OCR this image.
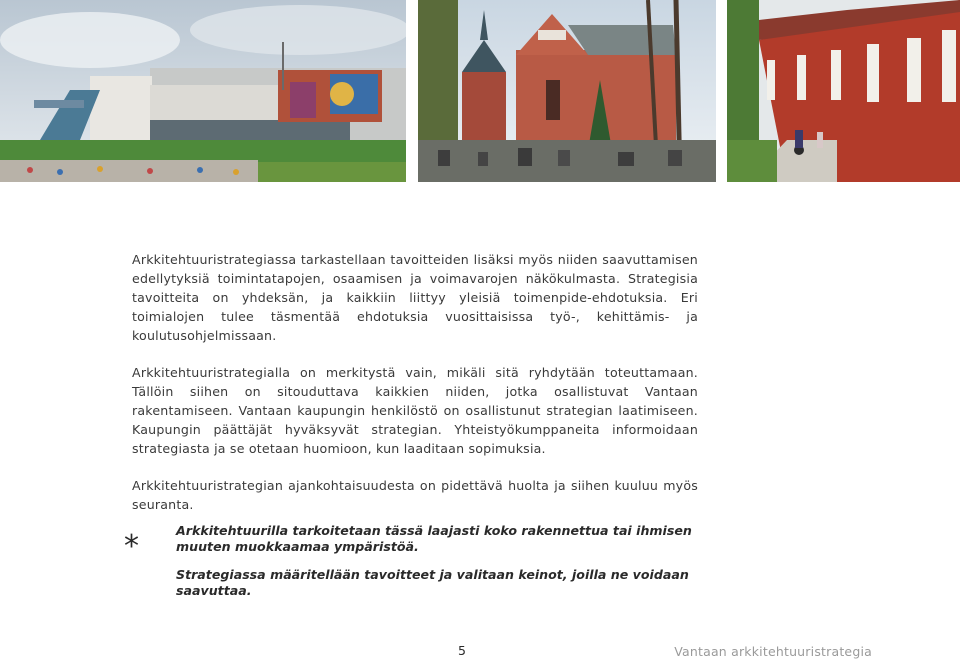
Arkkitehtuuristrategiassa tarkastellaan tavoitteiden lisäksi myös niiden saavuttamisen edellytyksiä toimintatapojen, osaamisen ja voimavarojen näkökulmasta. Strategisia tavoitteita on yhdeksän, ja kaikkiin liittyy yleisiä toimenpide-ehdotuksia. Eri toimialojen tulee täsmentää ehdotuksia vuosittaisissa työ-, kehittämis- ja koulutusohjelmissaan.

Arkkitehtuuristrategialla on merkitystä vain, mikäli sitä ryhdytään toteuttamaan. Tällöin siihen on sitouduttava kaikkien niiden, jotka osallistuvat Vantaan rakentamiseen. Vantaan kaupungin henkilöstö on osallistunut strategian laatimiseen. Kaupungin päättäjät hyväksyvät strategian. Yhteistyökumppaneita informoidaan strategiasta ja se otetaan huomioon, kun laaditaan sopimuksia.

Arkkitehtuuristrategian ajankohtaisuudesta on pidettävä huolta ja siihen kuuluu myös seuranta.

*	Arkkitehtuurilla tarkoitetaan tässä laajasti koko rakennettua tai ihmisen muuten muokkaamaa ympäristöä.

Strategiassa määritellään tavoitteet ja valitaan keinot, joilla ne voidaan saavuttaa.

5	Vantaan arkkitehtuuristrategia
